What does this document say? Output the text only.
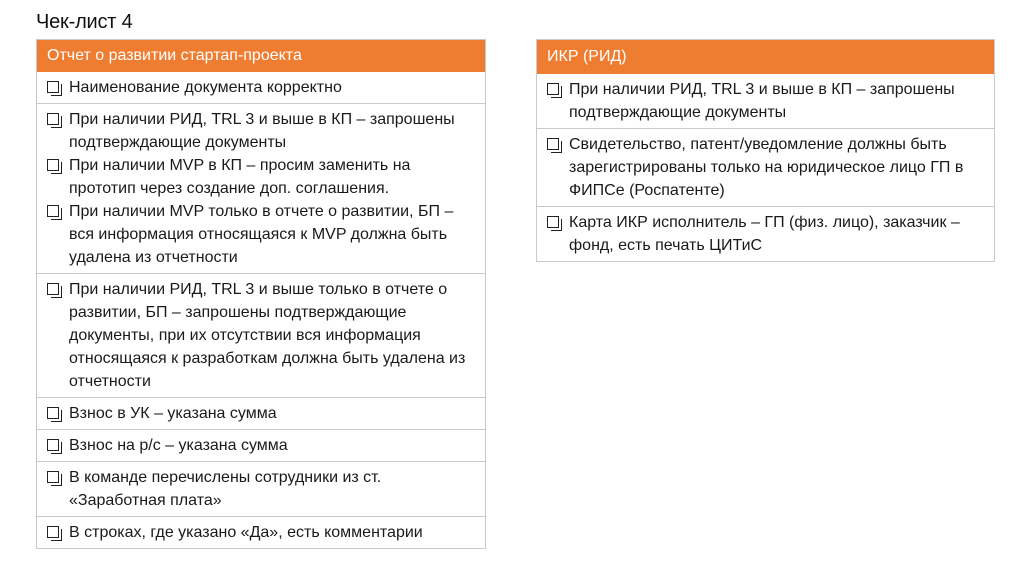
Чек-лист 4
Отчет о развитии стартап-проекта
Наименование документа корректно
При наличии РИД, TRL 3 и выше в КП – запрошены подтверждающие документы
При наличии MVP в КП – просим заменить на прототип через создание доп. соглашения.
При наличии MVP только в отчете о развитии, БП – вся информация относящаяся к MVP должна быть удалена из отчетности
При наличии РИД, TRL 3 и выше только в отчете о развитии, БП – запрошены подтверждающие документы, при их отсутствии вся информация относящаяся к разработкам должна быть удалена из отчетности
Взнос в УК – указана сумма
Взнос на р/с – указана сумма
В команде перечислены сотрудники из ст. «Заработная плата»
В строках, где указано «Да», есть комментарии
ИКР (РИД)
При наличии РИД, TRL 3 и выше в КП – запрошены подтверждающие документы
Свидетельство, патент/уведомление должны быть зарегистрированы только на юридическое лицо ГП в ФИПСе (Роспатенте)
Карта ИКР исполнитель – ГП (физ. лицо), заказчик – фонд, есть печать ЦИТиС
